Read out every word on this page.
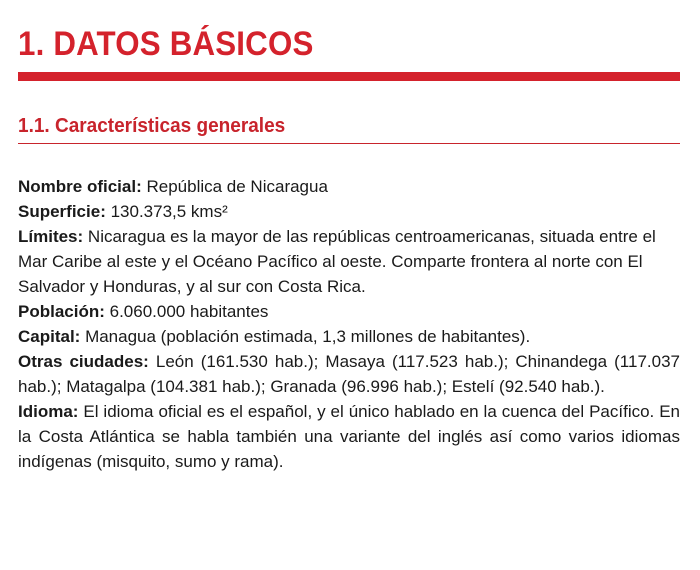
1. DATOS BÁSICOS
1.1. Características generales

Nombre oficial: República de Nicaragua

Superficie: 130.373,5 kms²

Límites: Nicaragua es la mayor de las repúblicas centroamericanas, situada entre el Mar Caribe al este y el Océano Pacífico al oeste. Comparte frontera al norte con El Salvador y Honduras, y al sur con Costa Rica.

Población: 6.060.000 habitantes

Capital: Managua (población estimada, 1,3 millones de habitantes).

Otras ciudades: León (161.530 hab.); Masaya (117.523 hab.); Chinandega (117.037 hab.); Matagalpa (104.381 hab.); Granada (96.996 hab.); Estelí (92.540 hab.).

Idioma: El idioma oficial es el español, y el único hablado en la cuenca del Pacífico. En la Costa Atlántica se habla también una variante del inglés así como varios idiomas indígenas (misquito, sumo y rama).
